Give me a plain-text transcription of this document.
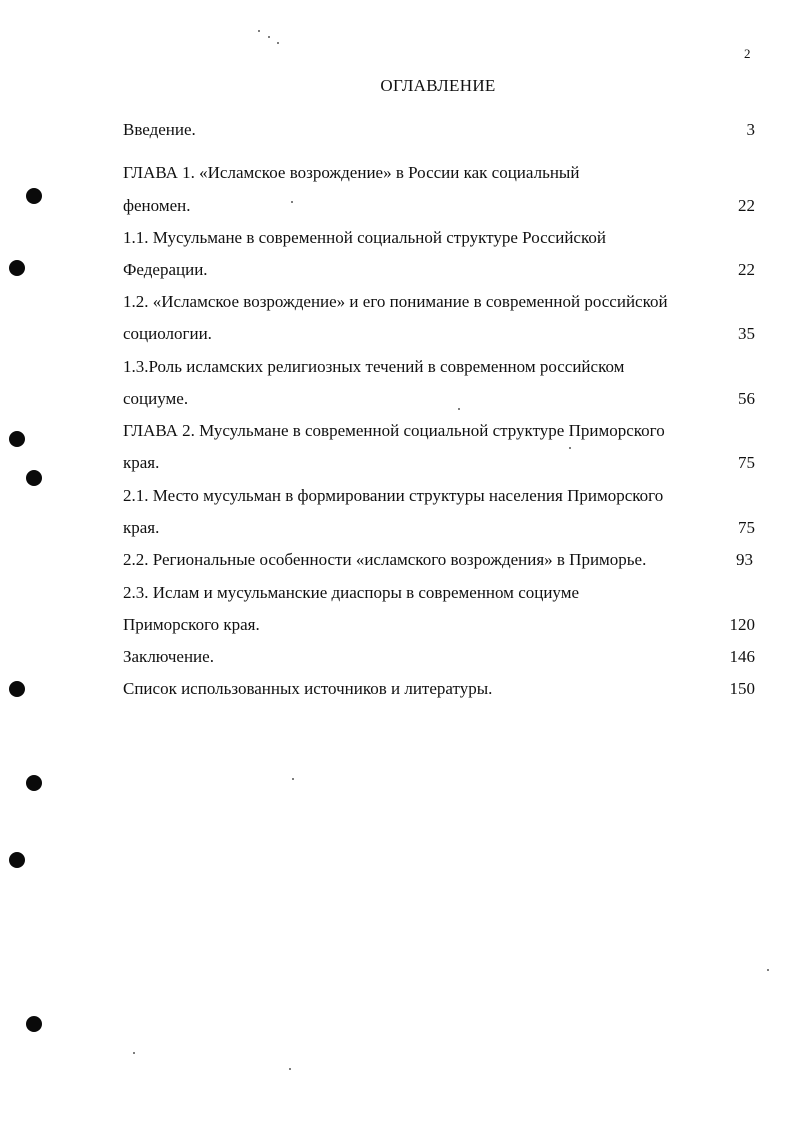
2
ОГЛАВЛЕНИЕ
Введение.	3
ГЛАВА 1. «Исламское возрождение» в России как социальный
феномен.	22
1.1. Мусульмане в современной социальной структуре Российской
Федерации.	22
1.2. «Исламское возрождение» и его понимание в современной российской
социологии.	35
1.3.Роль исламских религиозных течений в современном российском
социуме.	56
ГЛАВА 2. Мусульмане в современной социальной структуре Приморского
края.	75
2.1. Место мусульман в формировании структуры населения Приморского
края.	75
2.2. Региональные особенности «исламского возрождения» в Приморье.	93
2.3. Ислам и мусульманские диаспоры в современном социуме
Приморского края.	120
Заключение.	146
Список использованных источников и литературы.	150
